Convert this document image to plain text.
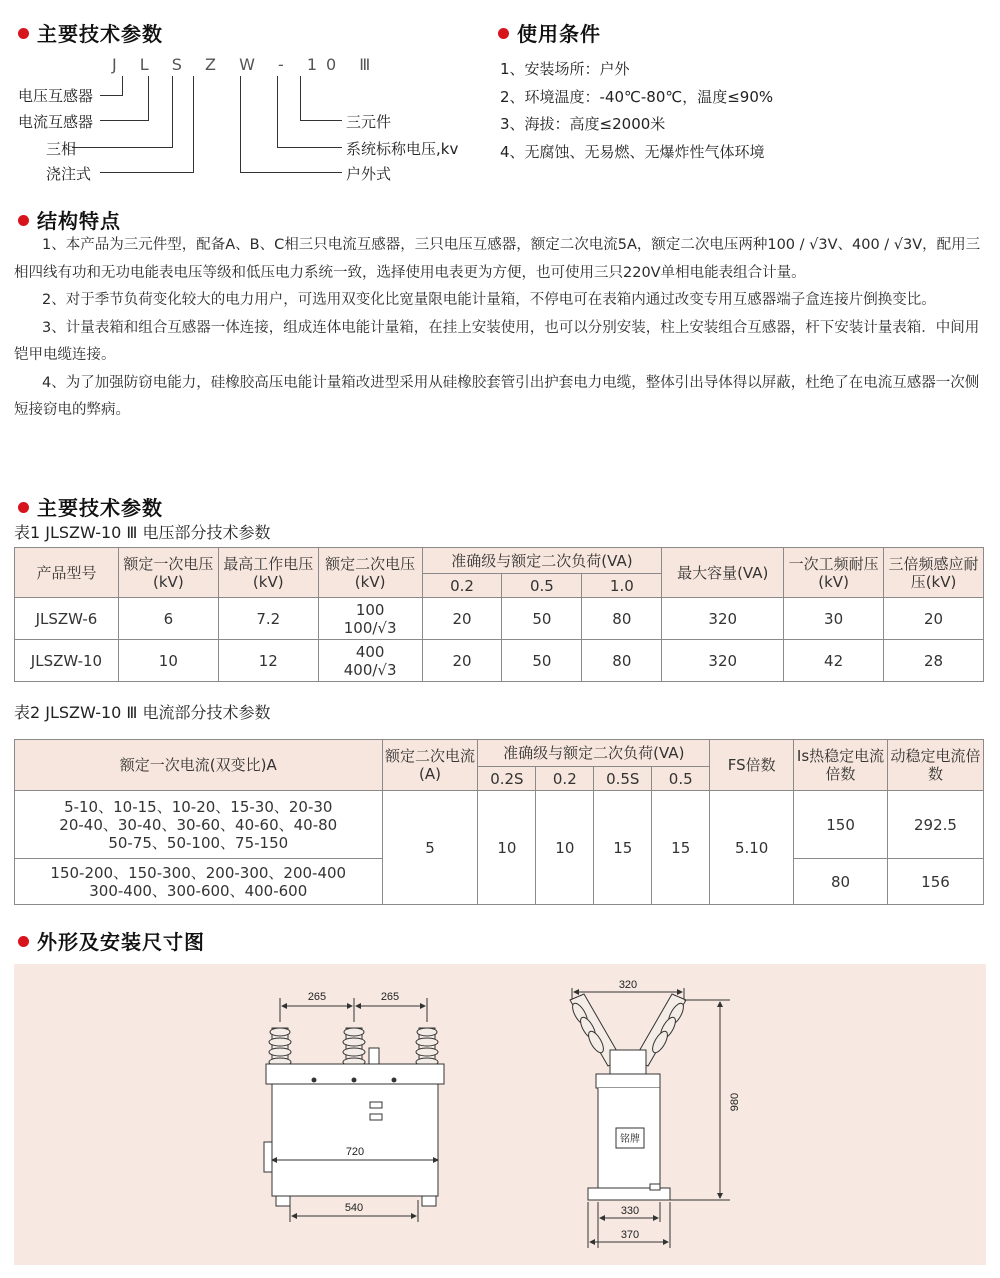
主要技术参数
J L S Z W - 10 Ⅲ
电压互感器
电流互感器
三相
浇注式
三元件
系统标称电压,kv
户外式
使用条件
1、安装场所：户外
2、环境温度：-40℃-80℃，温度≤90%
3、海拔：高度≤2000米
4、无腐蚀、无易燃、无爆炸性气体环境
结构特点

1、本产品为三元件型，配备A、B、C相三只电流互感器，三只电压互感器，额定二次电流5A，额定二次电压两种100 / √3V、400 / √3V，配用三相四线有功和无功电能表电压等级和低压电力系统一致，选择使用电表更为方便，也可使用三只220V单相电能表组合计量。

2、对于季节负荷变化较大的电力用户，可选用双变化比宽量限电能计量箱，不停电可在表箱内通过改变专用互感器端子盒连接片倒换变比。

3、计量表箱和组合互感器一体连接，组成连体电能计量箱，在挂上安装使用，也可以分别安装，柱上安装组合互感器，杆下安装计量表箱．中间用铠甲电缆连接。

4、为了加强防窃电能力，硅橡胶高压电能计量箱改进型采用从硅橡胶套管引出护套电力电缆，整体引出导体得以屏蔽，杜绝了在电流互感器一次侧短接窃电的弊病。

主要技术参数
表1 JLSZW-10 Ⅲ 电压部分技术参数
产品型号	额定一次电压(kV)	最高工作电压(kV)	额定二次电压(kV)	准确级与额定二次负荷(VA)			最大容量(VA)	一次工频耐压(kV)	三倍频感应耐压(kV)
				0.2	0.5	1.0			
JLSZW-6	6	7.2	100
100/√3	20	50	80	320	30	20
JLSZW-10	10	12	400
400/√3	20	50	80	320	42	28
表2 JLSZW-10 Ⅲ 电流部分技术参数
额定一次电流(双变比)A	额定二次电流(A)	准确级与额定二次负荷(VA)				FS倍数	Is热稳定电流倍数	动稳定电流倍数
		0.2S	0.2	0.5S	0.5			

5-10、10-15、10-20、15-30、20-30
20-40、30-40、30-60、40-60、40-80
50-75、50-100、75-150	5	10	10	15	15	5.10	150	292.5

150-200、150-300、200-300、200-400
300-400、300-600、400-600							80	156
外形及安装尺寸图
265	265
720
540
320
980
330
370
铭牌
